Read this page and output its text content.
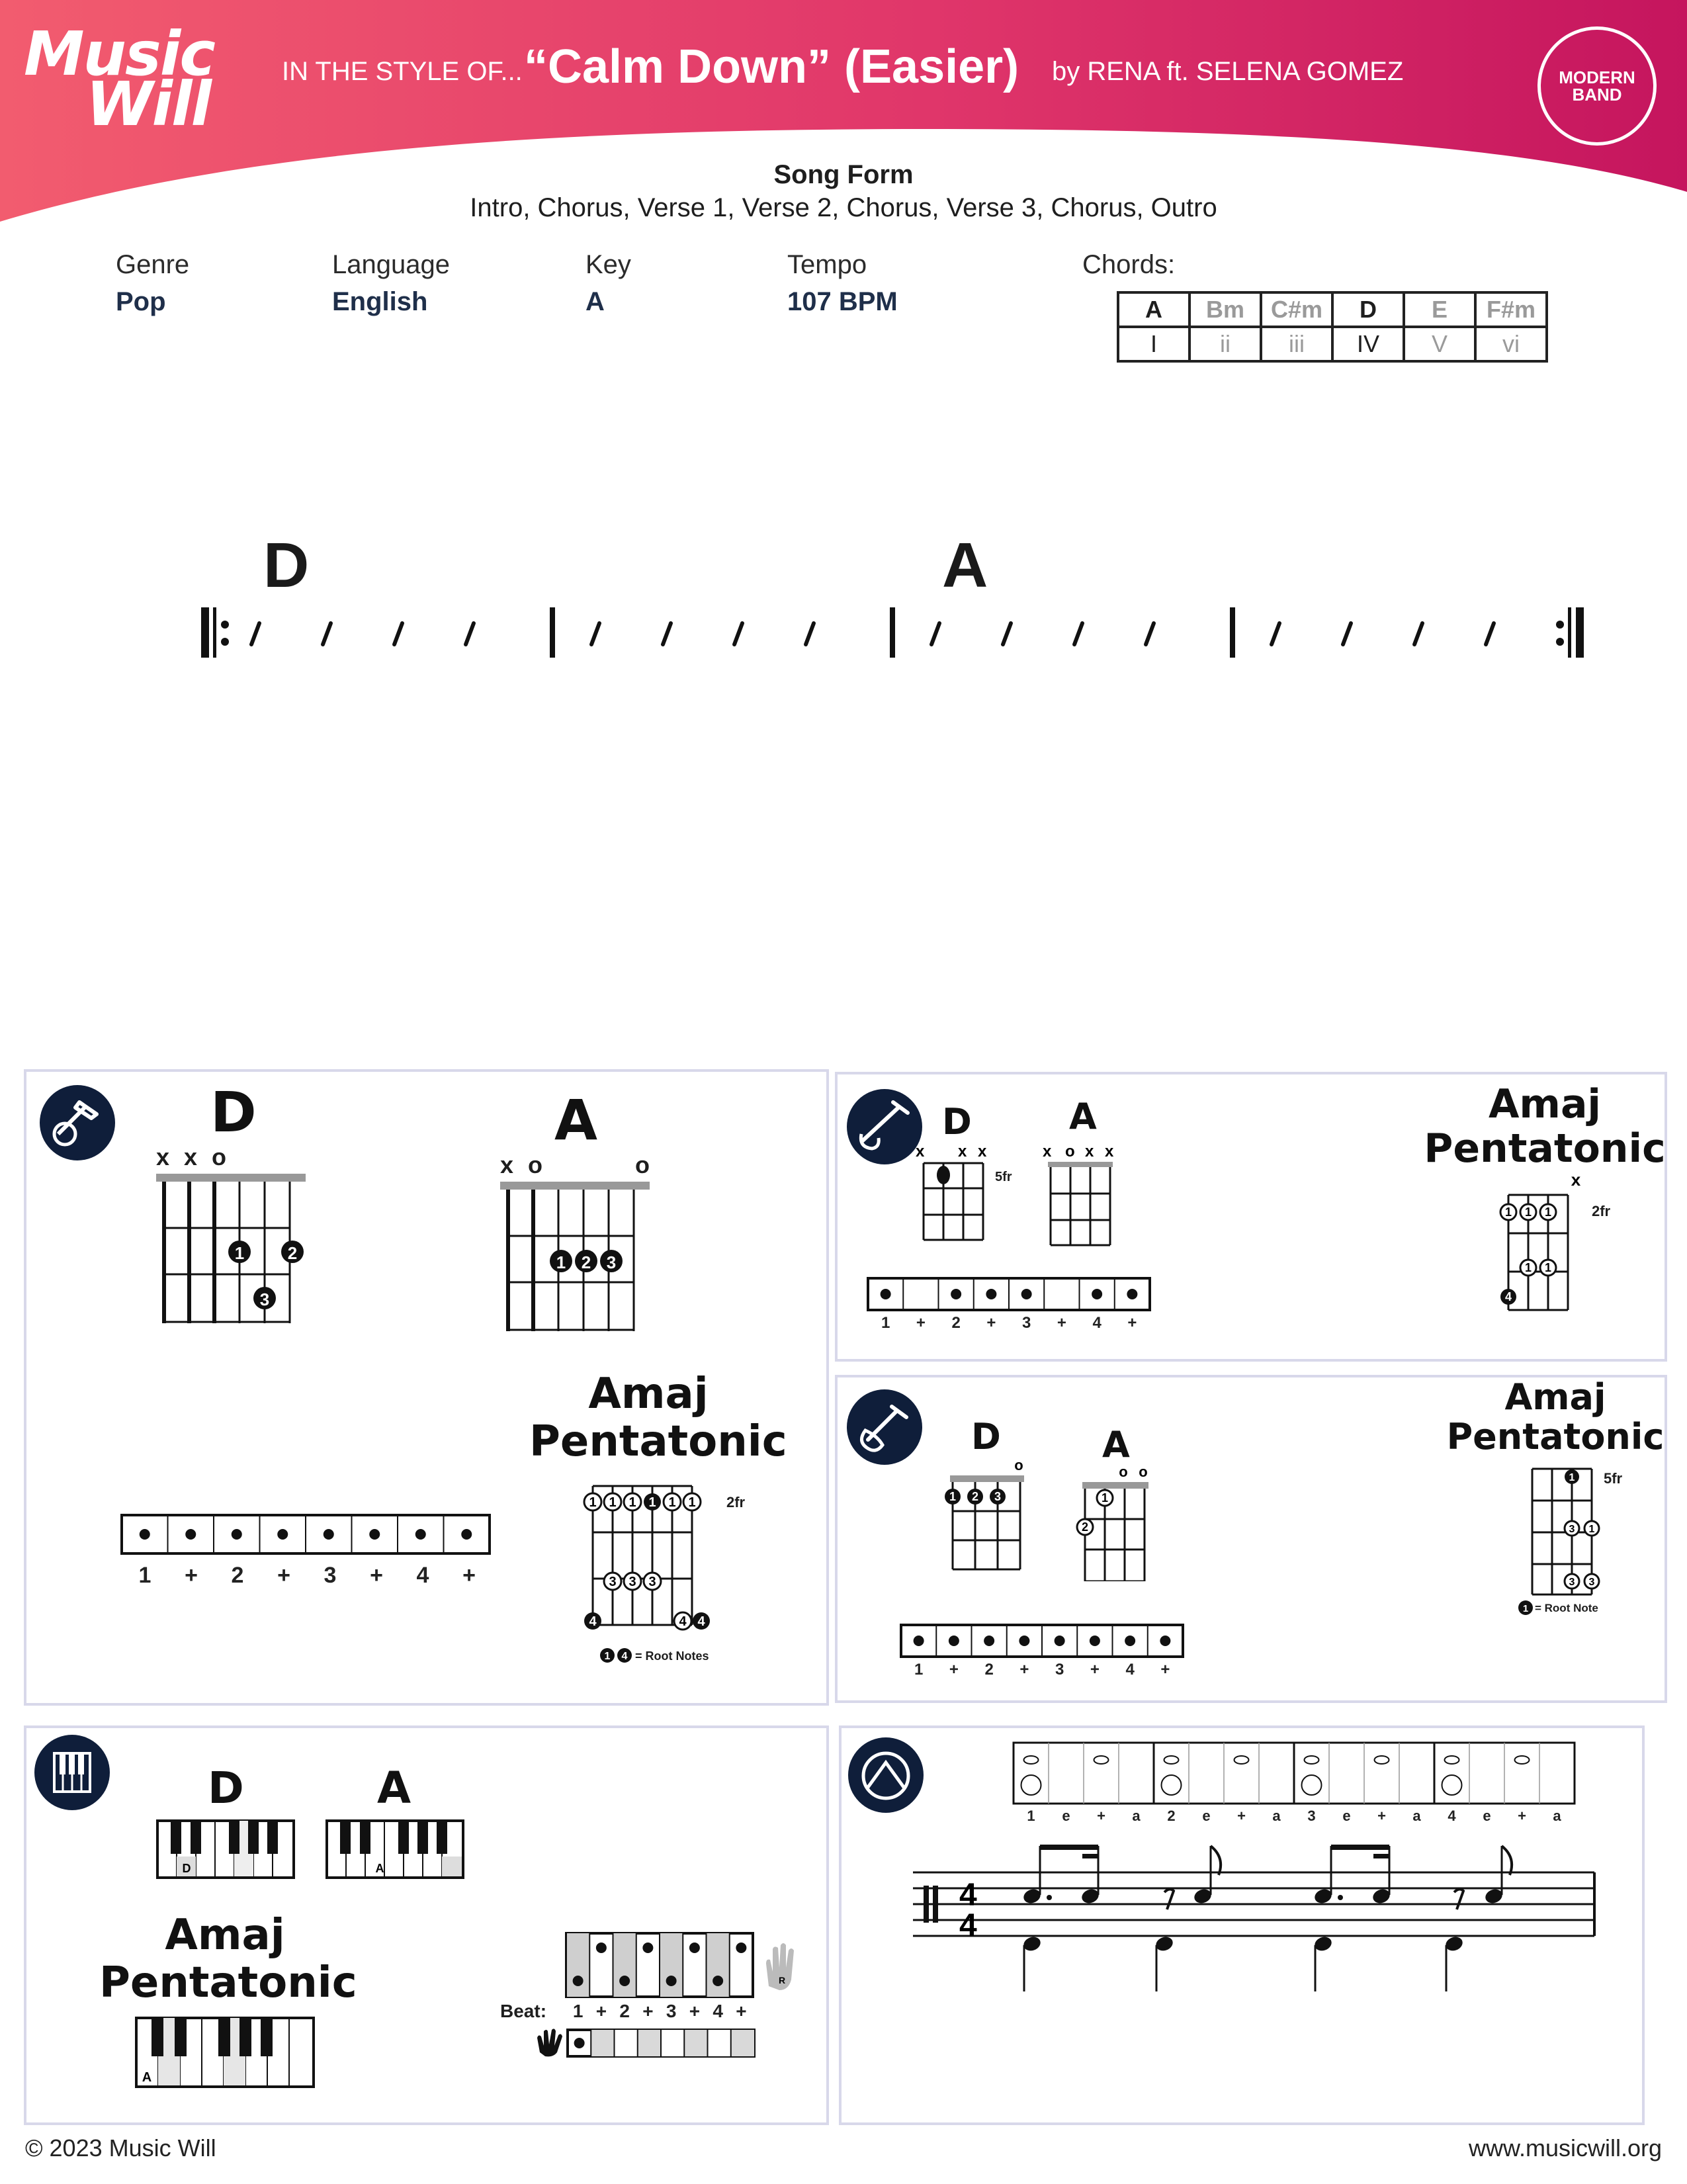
Music
Will	IN THE STYLE OF... “Calm Down” (Easier) by RENA ft. SELENA GOMEZ	MODERN
BAND
Song Form
Intro, Chorus, Verse 1, Verse 2, Chorus, Verse 3, Chorus, Outro
Genre
Pop
Language
English
Key
A
Tempo
107 BPM
Chords:
A	Bm	C#m	D	E	F#m
I	ii	iii	IV	V	vi
D	A
D
x x o
1	2
3
A
x o	o
1 2 3
Amaj
Pentatonic
1 1 1 1 1 1
3 3 3
4	4 4
2fr
1 4 = Root Notes
1	+	2	+	3	+	4	+
D
x x x
5fr
A
x o x x
1	+	2	+	3	+	4	+
Amaj
Pentatonic
x
1 1 1
1 1
4
2fr
D
o
1 2 3
A
o o
1
2
1	+	2	+	3	+	4	+
Amaj
Pentatonic
1
3 1
3 3
5fr
1 = Root Note
D	A
D	A
Amaj
Pentatonic
A
R
Beat:	1 + 2 + 3 + 4 +
1 e + a 2 e + a 3 e + a 4 e + a
4
4
© 2023 Music Will	www.musicwill.org
